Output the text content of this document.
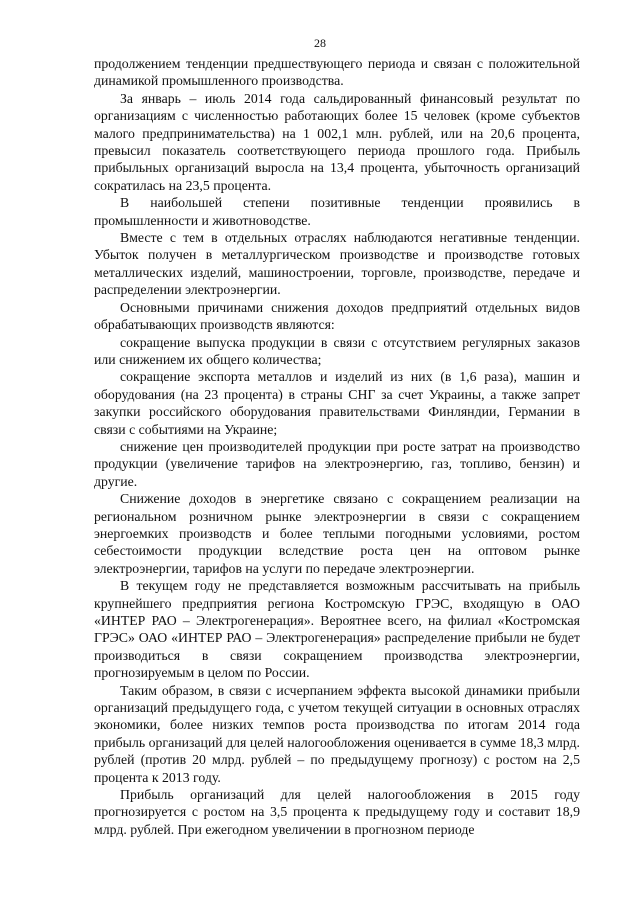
28

продолжением тенденции предшествующего периода и связан с положительной динамикой промышленного производства.

За январь – июль 2014 года сальдированный финансовый результат по организациям с численностью работающих более 15 человек (кроме субъектов малого предпринимательства) на 1 002,1 млн. рублей, или на 20,6 процента, превысил показатель соответствующего периода прошлого года. Прибыль прибыльных организаций выросла на 13,4 процента, убыточность организаций сократилась на 23,5 процента.

В наибольшей степени позитивные тенденции проявились в промышленности и животноводстве.

Вместе с тем в отдельных отраслях наблюдаются негативные тенденции. Убыток получен в металлургическом производстве и производстве готовых металлических изделий, машиностроении, торговле, производстве, передаче и распределении электроэнергии.

Основными причинами снижения доходов предприятий отдельных видов обрабатывающих производств являются:

сокращение выпуска продукции в связи с отсутствием регулярных заказов или снижением их общего количества;

сокращение экспорта металлов и изделий из них (в 1,6 раза), машин и оборудования (на 23 процента) в страны СНГ за счет Украины, а также запрет закупки российского оборудования правительствами Финляндии, Германии в связи с событиями на Украине;

снижение цен производителей продукции при росте затрат на производство продукции (увеличение тарифов на электроэнергию, газ, топливо, бензин) и другие.

Снижение доходов в энергетике связано с сокращением реализации на региональном розничном рынке электроэнергии в связи с сокращением энергоемких производств и более теплыми погодными условиями, ростом себестоимости продукции вследствие роста цен на оптовом рынке электроэнергии, тарифов на услуги по передаче электроэнергии.

В текущем году не представляется возможным рассчитывать на прибыль крупнейшего предприятия региона Костромскую ГРЭС, входящую в ОАО «ИНТЕР РАО – Электрогенерация». Вероятнее всего, на филиал «Костромская ГРЭС» ОАО «ИНТЕР РАО – Электрогенерация» распределение прибыли не будет производиться в связи сокращением производства электроэнергии, прогнозируемым в целом по России.

Таким образом, в связи с исчерпанием эффекта высокой динамики прибыли организаций предыдущего года, с учетом текущей ситуации в основных отраслях экономики, более низких темпов роста производства по итогам 2014 года прибыль организаций для целей налогообложения оценивается в сумме 18,3 млрд. рублей (против 20 млрд. рублей – по предыдущему прогнозу) с ростом на 2,5 процента к 2013 году.

Прибыль организаций для целей налогообложения в 2015 году прогнозируется с ростом на 3,5 процента к предыдущему году и составит 18,9 млрд. рублей. При ежегодном увеличении в прогнозном периоде
